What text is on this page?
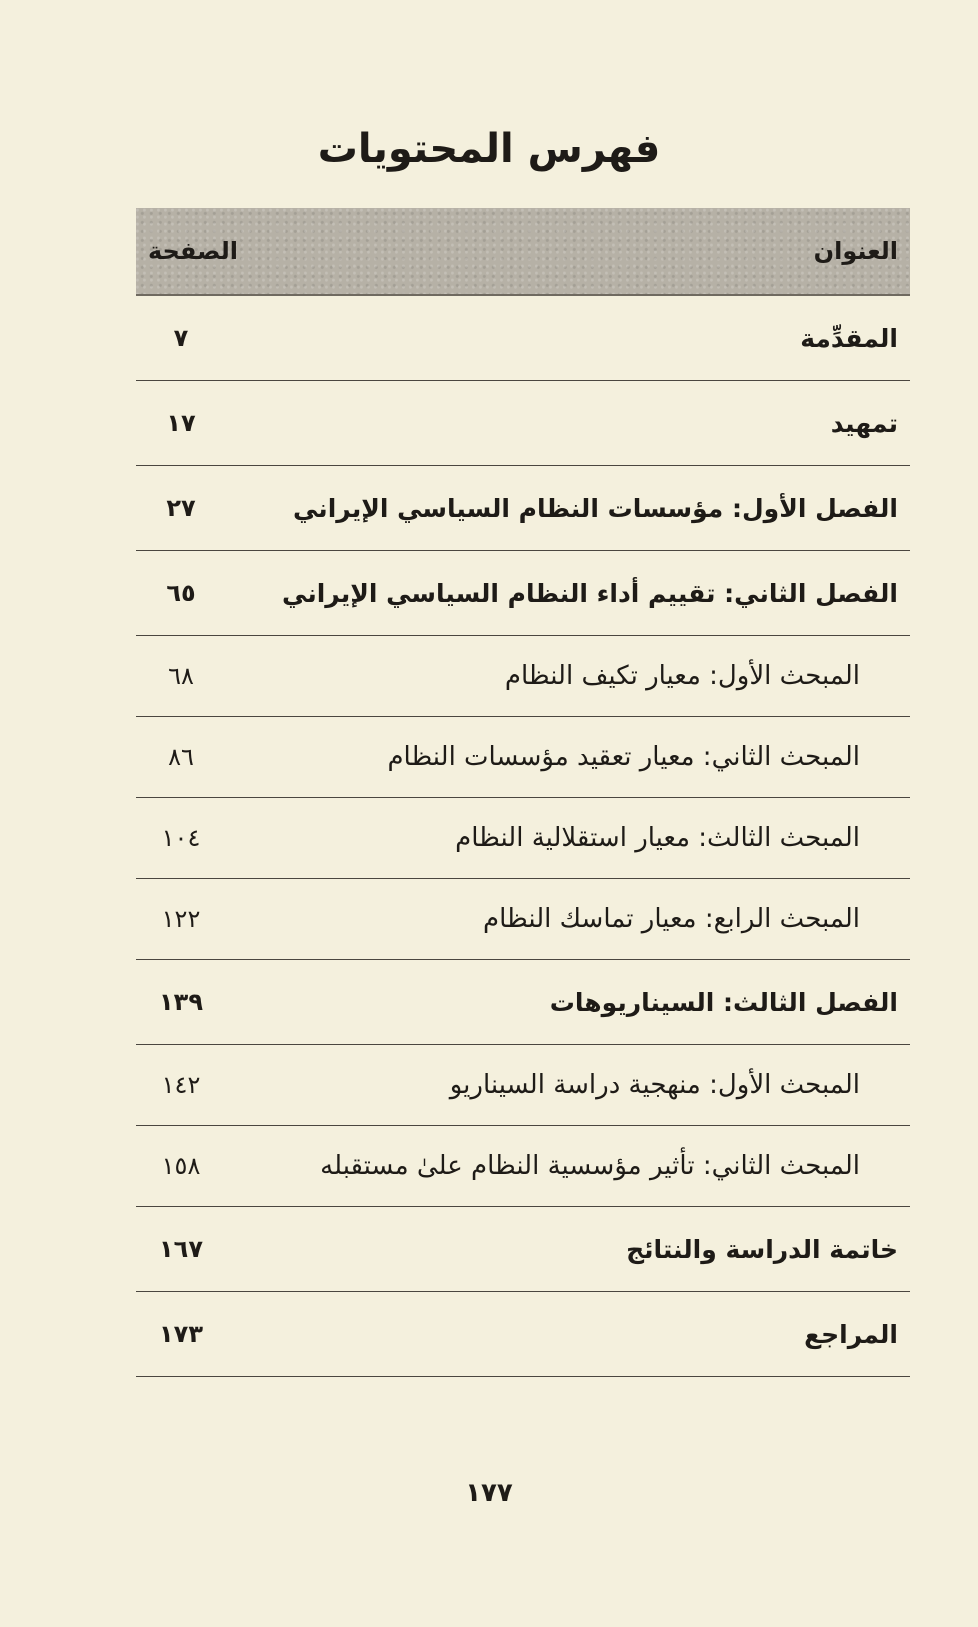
فهرس المحتويات
العنوان
الصفحة
المقدِّمة
٧
تمهيد
١٧
الفصل الأول: مؤسسات النظام السياسي الإيراني
٢٧
الفصل الثاني: تقييم أداء النظام السياسي الإيراني
٦٥
المبحث الأول: معيار تكيف النظام
٦٨
المبحث الثاني: معيار تعقيد مؤسسات النظام
٨٦
المبحث الثالث: معيار استقلالية النظام
١٠٤
المبحث الرابع: معيار تماسك النظام
١٢٢
الفصل الثالث: السيناريوهات
١٣٩
المبحث الأول: منهجية دراسة السيناريو
١٤٢
المبحث الثاني: تأثير مؤسسية النظام علىٰ مستقبله
١٥٨
خاتمة الدراسة والنتائج
١٦٧
المراجع
١٧٣
١٧٧
